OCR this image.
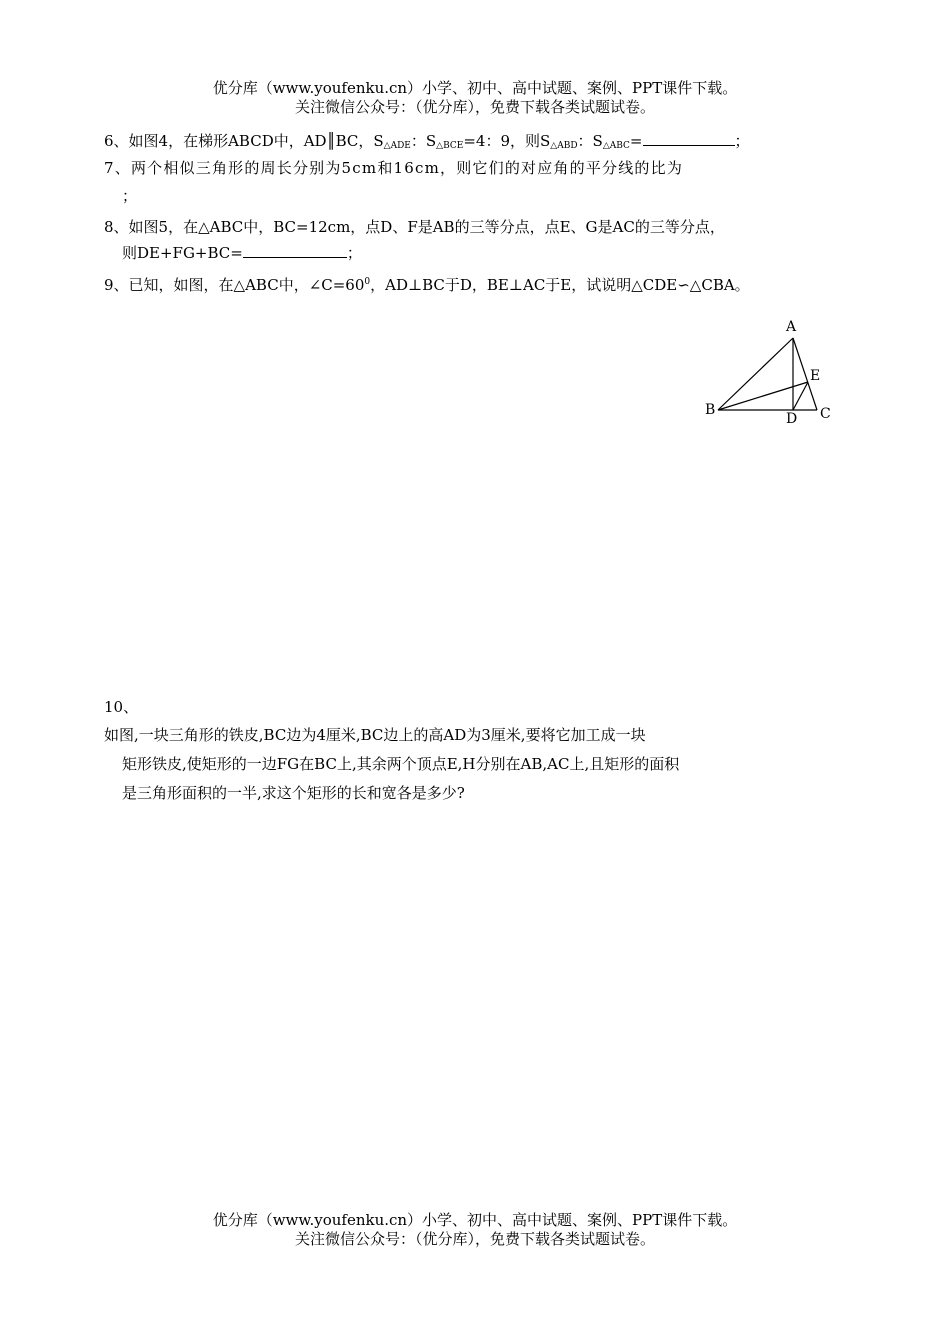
优分库（www.youfenku.cn）小学、初中、高中试题、案例、PPT课件下载。
关注微信公众号：（优分库），免费下载各类试题试卷。
6、如图4，在梯形ABCD中，AD║BC，$S_{\triangle ADE}$：$S_{\triangle BCE}=4$：9，则$S_{\triangle ABD}$：$S_{\triangle ABC}=$	；
7、两个相似三角形的周长分别为5cm和16cm，则它们的对应角的平分线的比为
；
8、如图5，在△ABC中，BC=12cm，点D、F是AB的三等分点，点E、G是AC的三等分点，
则DE+FG+BC=	；
9、已知，如图，在△ABC中，$\angle C=60^0$，AD⊥BC于D，BE⊥AC于E，试说明△CDE∽△CBA。
A
E
B
D C
10、
如图,一块三角形的铁皮,BC边为4厘米,BC边上的高AD为3厘米,要将它加工成一块
矩形铁皮,使矩形的一边FG在BC上,其余两个顶点E,H分别在AB,AC上,且矩形的面积
是三角形面积的一半,求这个矩形的长和宽各是多少?
优分库（www.youfenku.cn）小学、初中、高中试题、案例、PPT课件下载。
关注微信公众号：（优分库），免费下载各类试题试卷。
